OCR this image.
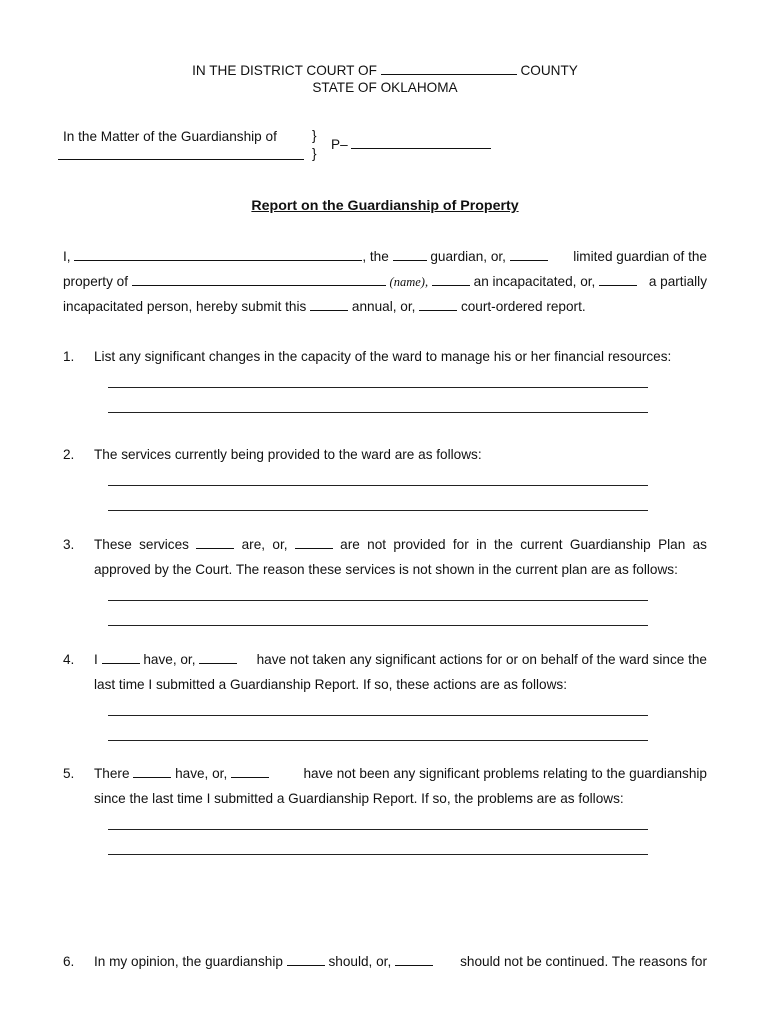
IN THE DISTRICT COURT OF	COUNTY
STATE OF OKLAHOMA
In the Matter of the Guardianship of	}
}
P–
Report on the Guardianship of Property
I,	, the	guardian, or,	limited guardian of the
property of	(name),	an incapacitated, or,	a partially
incapacitated person, hereby submit this	annual, or,	court-ordered report.
1. List any significant changes in the capacity of the ward to manage his or her financial resources:
2. The services currently being provided to the ward are as follows:
3. These services	are, or,	are not provided for in the current Guardianship Plan as
approved by the Court. The reason these services is not shown in the current plan are as follows:
4. I	have, or,	have not taken any significant actions for or on behalf of the ward since the
last time I submitted a Guardianship Report. If so, these actions are as follows:
5. There	have, or,	have not been any significant problems relating to the guardianship
since the last time I submitted a Guardianship Report. If so, the problems are as follows:
6. In my opinion, the guardianship	should, or,	should not be continued. The reasons for
